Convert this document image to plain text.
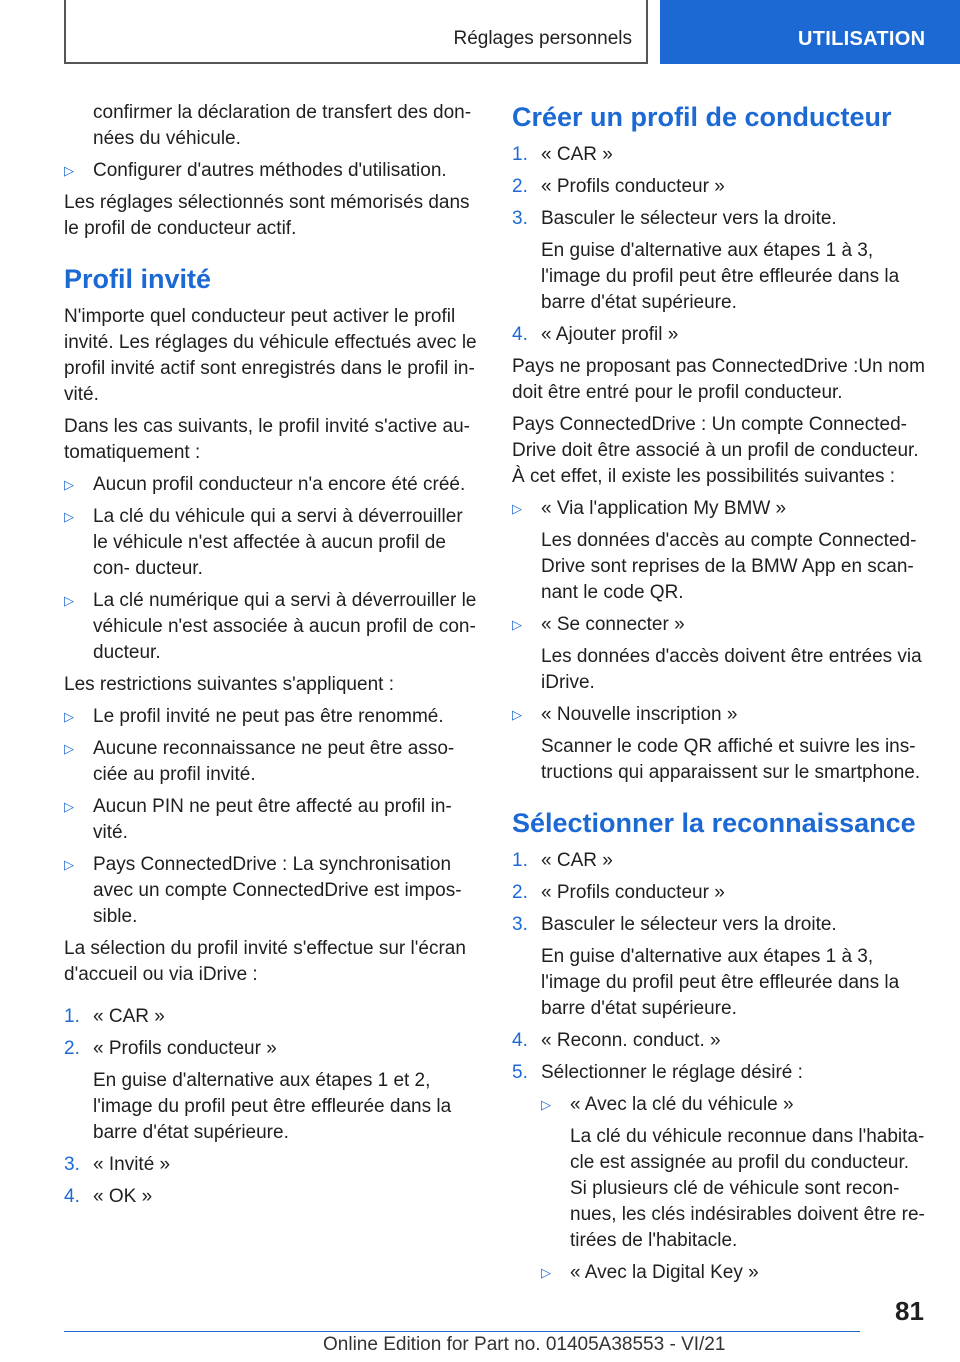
Réglages personnels	UTILISATION

confirmer la déclaration de transfert des don- nées du véhicule.

▷ Configurer d'autres méthodes d'utilisation.

Les réglages sélectionnés sont mémorisés dans le profil de conducteur actif.

Profil invité

N'importe quel conducteur peut activer le profil invité. Les réglages du véhicule effectués avec le profil invité actif sont enregistrés dans le profil in- vité.

Dans les cas suivants, le profil invité s'active au- tomatiquement :

▷ Aucun profil conducteur n'a encore été créé.
▷ La clé du véhicule qui a servi à déverrouiller le véhicule n'est affectée à aucun profil de con- ducteur.
▷ La clé numérique qui a servi à déverrouiller le véhicule n'est associée à aucun profil de con- ducteur.

Les restrictions suivantes s'appliquent :

▷ Le profil invité ne peut pas être renommé.
▷ Aucune reconnaissance ne peut être asso- ciée au profil invité.
▷ Aucun PIN ne peut être affecté au profil in- vité.
▷ Pays ConnectedDrive : La synchronisation avec un compte ConnectedDrive est impos- sible.

La sélection du profil invité s'effectue sur l'écran d'accueil ou via iDrive :

1. « CAR »
2. « Profils conducteur »

En guise d'alternative aux étapes 1 et 2, l'image du profil peut être effleurée dans la barre d'état supérieure.

3. « Invité »
4. « OK »
Créer un profil de conducteur
1. « CAR »
2. « Profils conducteur »
3. Basculer le sélecteur vers la droite.

En guise d'alternative aux étapes 1 à 3, l'image du profil peut être effleurée dans la barre d'état supérieure.

4. « Ajouter profil »

Pays ne proposant pas ConnectedDrive :Un nom doit être entré pour le profil conducteur.

Pays ConnectedDrive : Un compte Connected- Drive doit être associé à un profil de conducteur. À cet effet, il existe les possibilités suivantes :

▷ « Via l'application My BMW »

Les données d'accès au compte Connected- Drive sont reprises de la BMW App en scan- nant le code QR.

▷ « Se connecter »

Les données d'accès doivent être entrées via iDrive.

▷ « Nouvelle inscription »

Scanner le code QR affiché et suivre les ins- tructions qui apparaissent sur le smartphone.

Sélectionner la reconnaissance
1. « CAR »
2. « Profils conducteur »
3. Basculer le sélecteur vers la droite.

En guise d'alternative aux étapes 1 à 3, l'image du profil peut être effleurée dans la barre d'état supérieure.

4. « Reconn. conduct. »
5. Sélectionner le réglage désiré :
▷ « Avec la clé du véhicule »

La clé du véhicule reconnue dans l'habita- cle est assignée au profil du conducteur. Si plusieurs clé de véhicule sont recon- nues, les clés indésirables doivent être re- tirées de l'habitacle.

▷ « Avec la Digital Key »
81
Online Edition for Part no. 01405A38553 - VI/21
